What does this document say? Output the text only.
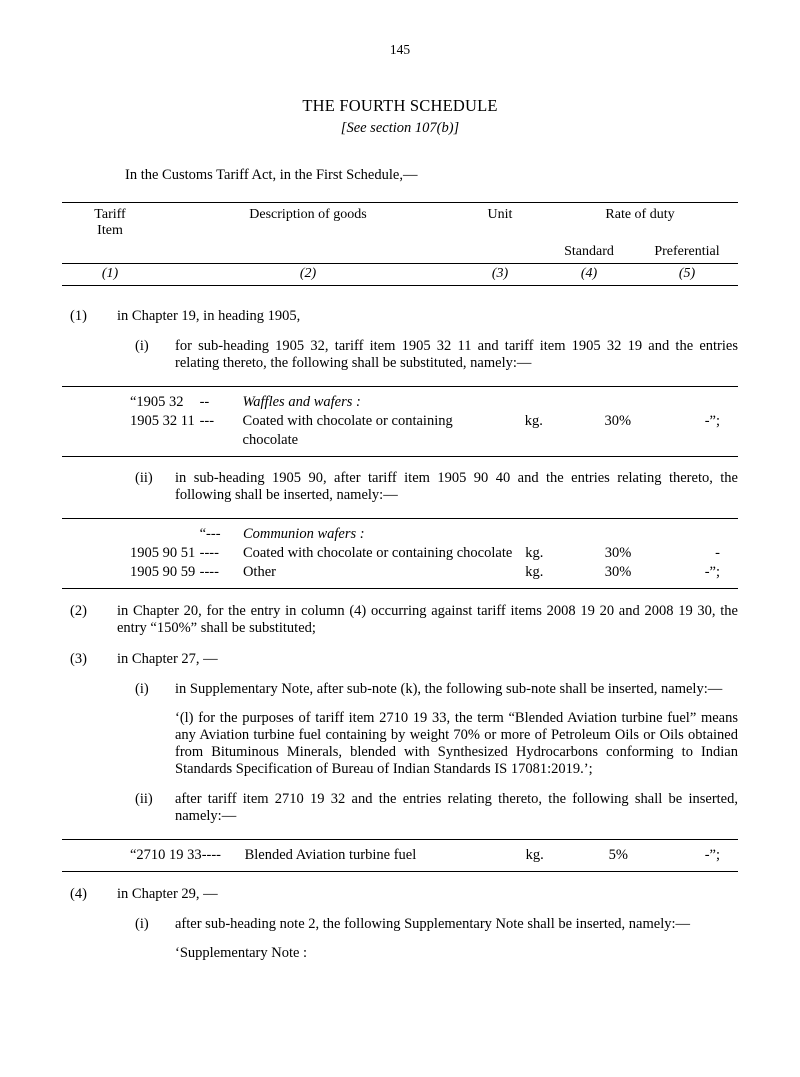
145
THE FOURTH SCHEDULE
[See section 107(b)]
In the Customs Tariff Act, in the First Schedule,—
Tariff
Item	Description of goods	Unit	Rate of duty	
			Standard	Preferential
(1)	(2)	(3)	(4)	(5)

(1)	in Chapter 19, in heading 1905,
(i)	for sub-heading 1905 32, tariff item 1905 32 11 and tariff item 1905 32 19 and the entries relating thereto, the following shall be substituted, namely:—
“1905 32	--	Waffles and wafers :			
1905 32 11	---	Coated with chocolate or containing	kg.	30%	-”;
		chocolate			
(ii)	in sub-heading 1905 90, after tariff item 1905 90 40 and the entries relating thereto, the following shall be inserted, namely:—
	“---	Communion wafers :			
1905 90 51	----	Coated with chocolate or containing chocolate	kg.	30%	-
1905 90 59	----	Other	kg.	30%	-”;
(2)	in Chapter 20, for the entry in column (4) occurring against tariff items 2008 19 20 and 2008 19 30, the entry “150%” shall be substituted;
(3)	in Chapter 27, —
(i)	in Supplementary Note, after sub-note (k), the following sub-note shall be inserted, namely:—
‘(l) for the purposes of tariff item 2710 19 33, the term “Blended Aviation turbine fuel” means any Aviation turbine fuel containing by weight 70% or more of Petroleum Oils or Oils obtained from Bituminous Minerals, blended with Synthesized Hydrocarbons conforming to Indian Standards Specification of Bureau of Indian Standards IS 17081:2019.’;
(ii)	after tariff item 2710 19 32 and the entries relating thereto, the following shall be inserted, namely:—
“2710 19 33	----	Blended Aviation turbine fuel	kg.	5%	-”;
(4)	in Chapter 29, —
(i)	after sub-heading note 2, the following Supplementary Note shall be inserted, namely:—
‘Supplementary Note :
